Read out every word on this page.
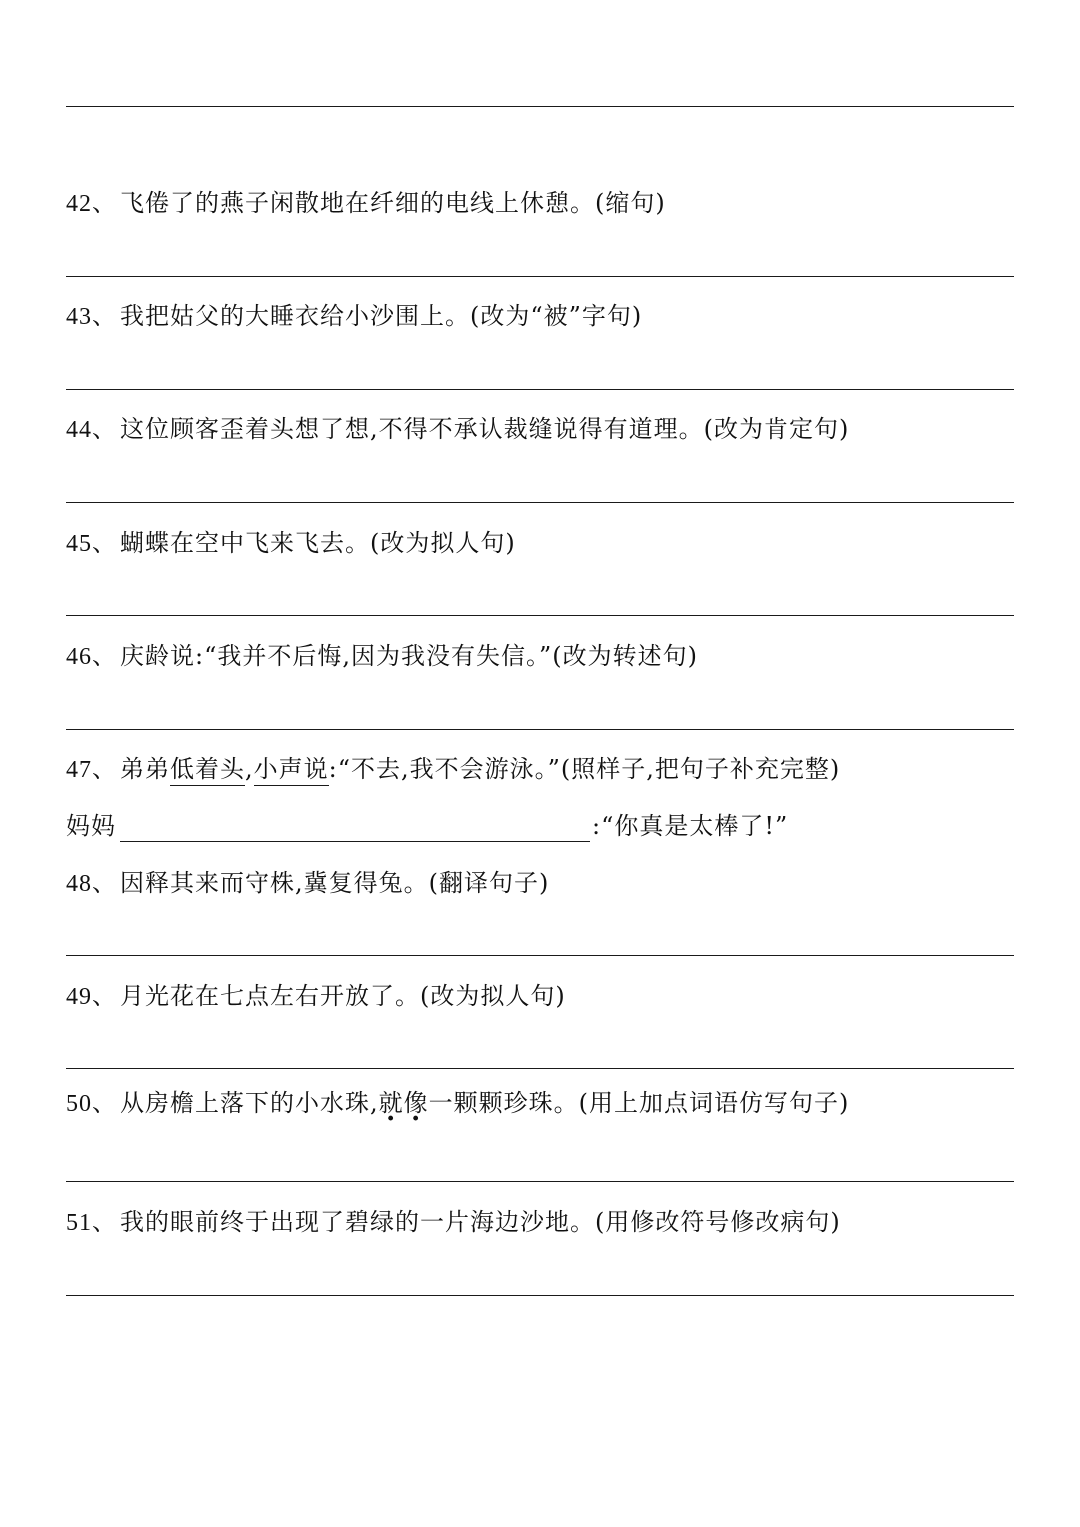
42、 飞倦了的燕子闲散地在纤细的电线上休憩。(缩句)
43、 我把姑父的大睡衣给小沙围上。(改为“被”字句)
44、 这位顾客歪着头想了想,不得不承认裁缝说得有道理。(改为肯定句)
45、 蝴蝶在空中飞来飞去。(改为拟人句)
46、 庆龄说:“我并不后悔,因为我没有失信。”(改为转述句)
47、 弟弟低着头,小声说:“不去,我不会游泳。”(照样子,把句子补充完整)
妈妈	:“你真是太棒了!”
48、 因释其来而守株,冀复得兔。(翻译句子)
49、 月光花在七点左右开放了。(改为拟人句)
50、 从房檐上落下的小水珠,就像一颗颗珍珠。(用上加点词语仿写句子)
51、 我的眼前终于出现了碧绿的一片海边沙地。(用修改符号修改病句)
